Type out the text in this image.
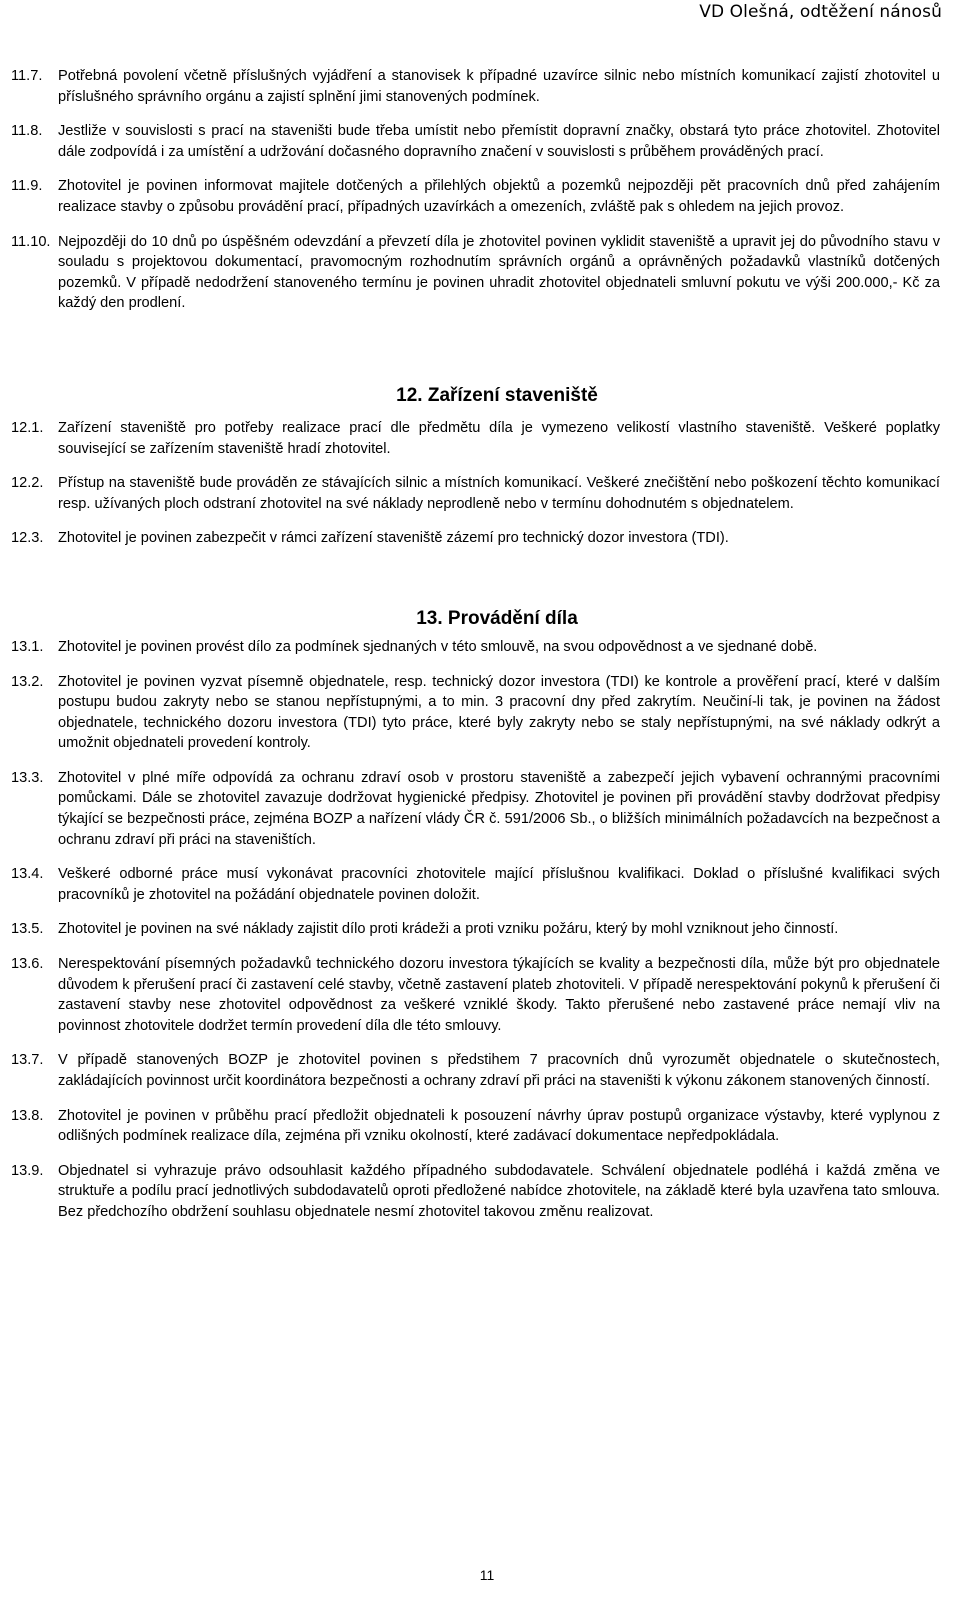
VD Olešná, odtěžení nánosů
11.7.	Potřebná povolení včetně příslušných vyjádření a stanovisek k případné uzavírce silnic nebo místních komunikací zajistí zhotovitel u příslušného správního orgánu a zajistí splnění jimi stanovených podmínek.
11.8.	Jestliže v souvislosti s prací na staveništi bude třeba umístit nebo přemístit dopravní značky, obstará tyto práce zhotovitel. Zhotovitel dále zodpovídá i za umístění a udržování dočasného dopravního značení v souvislosti s průběhem prováděných prací.
11.9.	Zhotovitel je povinen informovat majitele dotčených a přilehlých objektů a pozemků nejpozději pět pracovních dnů před zahájením realizace stavby o způsobu provádění prací, případných uzavírkách a omezeních, zvláště pak s ohledem na jejich provoz.
11.10. Nejpozději do 10 dnů po úspěšném odevzdání a převzetí díla je zhotovitel povinen vyklidit staveniště a upravit jej do původního stavu v souladu s projektovou dokumentací, pravomocným rozhodnutím správních orgánů a oprávněných požadavků vlastníků dotčených pozemků. V případě nedodržení stanoveného termínu je povinen uhradit zhotovitel objednateli smluvní pokutu ve výši 200.000,- Kč za každý den prodlení.
12. Zařízení staveniště
12.1. Zařízení staveniště pro potřeby realizace prací dle předmětu díla je vymezeno velikostí vlastního staveniště. Veškeré poplatky související se zařízením staveniště hradí zhotovitel.
12.2. Přístup na staveniště bude prováděn ze stávajících silnic a místních komunikací. Veškeré znečištění nebo poškození těchto komunikací resp. užívaných ploch odstraní zhotovitel na své náklady neprodleně nebo v termínu dohodnutém s objednatelem.
12.3. Zhotovitel je povinen zabezpečit v rámci zařízení staveniště zázemí pro technický dozor investora (TDI).
13. Provádění díla
13.1. Zhotovitel je povinen provést dílo za podmínek sjednaných v této smlouvě, na svou odpovědnost a ve sjednané době.
13.2. Zhotovitel je povinen vyzvat písemně objednatele, resp. technický dozor investora (TDI) ke kontrole a prověření prací, které v dalším postupu budou zakryty nebo se stanou nepřístupnými, a to min. 3 pracovní dny před zakrytím. Neučiní-li tak, je povinen na žádost objednatele, technického dozoru investora (TDI) tyto práce, které byly zakryty nebo se staly nepřístupnými, na své náklady odkrýt a umožnit objednateli provedení kontroly.
13.3. Zhotovitel v plné míře odpovídá za ochranu zdraví osob v prostoru staveniště a zabezpečí jejich vybavení ochrannými pracovními pomůckami. Dále se zhotovitel zavazuje dodržovat hygienické předpisy. Zhotovitel je povinen při provádění stavby dodržovat předpisy týkající se bezpečnosti práce, zejména BOZP a nařízení vlády ČR č. 591/2006 Sb., o bližších minimálních požadavcích na bezpečnost a ochranu zdraví při práci na staveništích.
13.4. Veškeré odborné práce musí vykonávat pracovníci zhotovitele mající příslušnou kvalifikaci. Doklad o příslušné kvalifikaci svých pracovníků je zhotovitel na požádání objednatele povinen doložit.
13.5. Zhotovitel je povinen na své náklady zajistit dílo proti krádeži a proti vzniku požáru, který by mohl vzniknout jeho činností.
13.6. Nerespektování písemných požadavků technického dozoru investora týkajících se kvality a bezpečnosti díla, může být pro objednatele důvodem k přerušení prací či zastavení celé stavby, včetně zastavení plateb zhotoviteli. V případě nerespektování pokynů k přerušení či zastavení stavby nese zhotovitel odpovědnost za veškeré vzniklé škody. Takto přerušené nebo zastavené práce nemají vliv na povinnost zhotovitele dodržet termín provedení díla dle této smlouvy.
13.7. V případě stanovených BOZP je zhotovitel povinen s předstihem 7 pracovních dnů vyrozumět objednatele o skutečnostech, zakládajících povinnost určit koordinátora bezpečnosti a ochrany zdraví při práci na staveništi k výkonu zákonem stanovených činností.
13.8. Zhotovitel je povinen v průběhu prací předložit objednateli k posouzení návrhy úprav postupů organizace výstavby, které vyplynou z odlišných podmínek realizace díla, zejména při vzniku okolností, které zadávací dokumentace nepředpokládala.
13.9. Objednatel si vyhrazuje právo odsouhlasit každého případného subdodavatele. Schválení objednatele podléhá i každá změna ve struktuře a podílu prací jednotlivých subdodavatelů oproti předložené nabídce zhotovitele, na základě které byla uzavřena tato smlouva. Bez předchozího obdržení souhlasu objednatele nesmí zhotovitel takovou změnu realizovat.
11
